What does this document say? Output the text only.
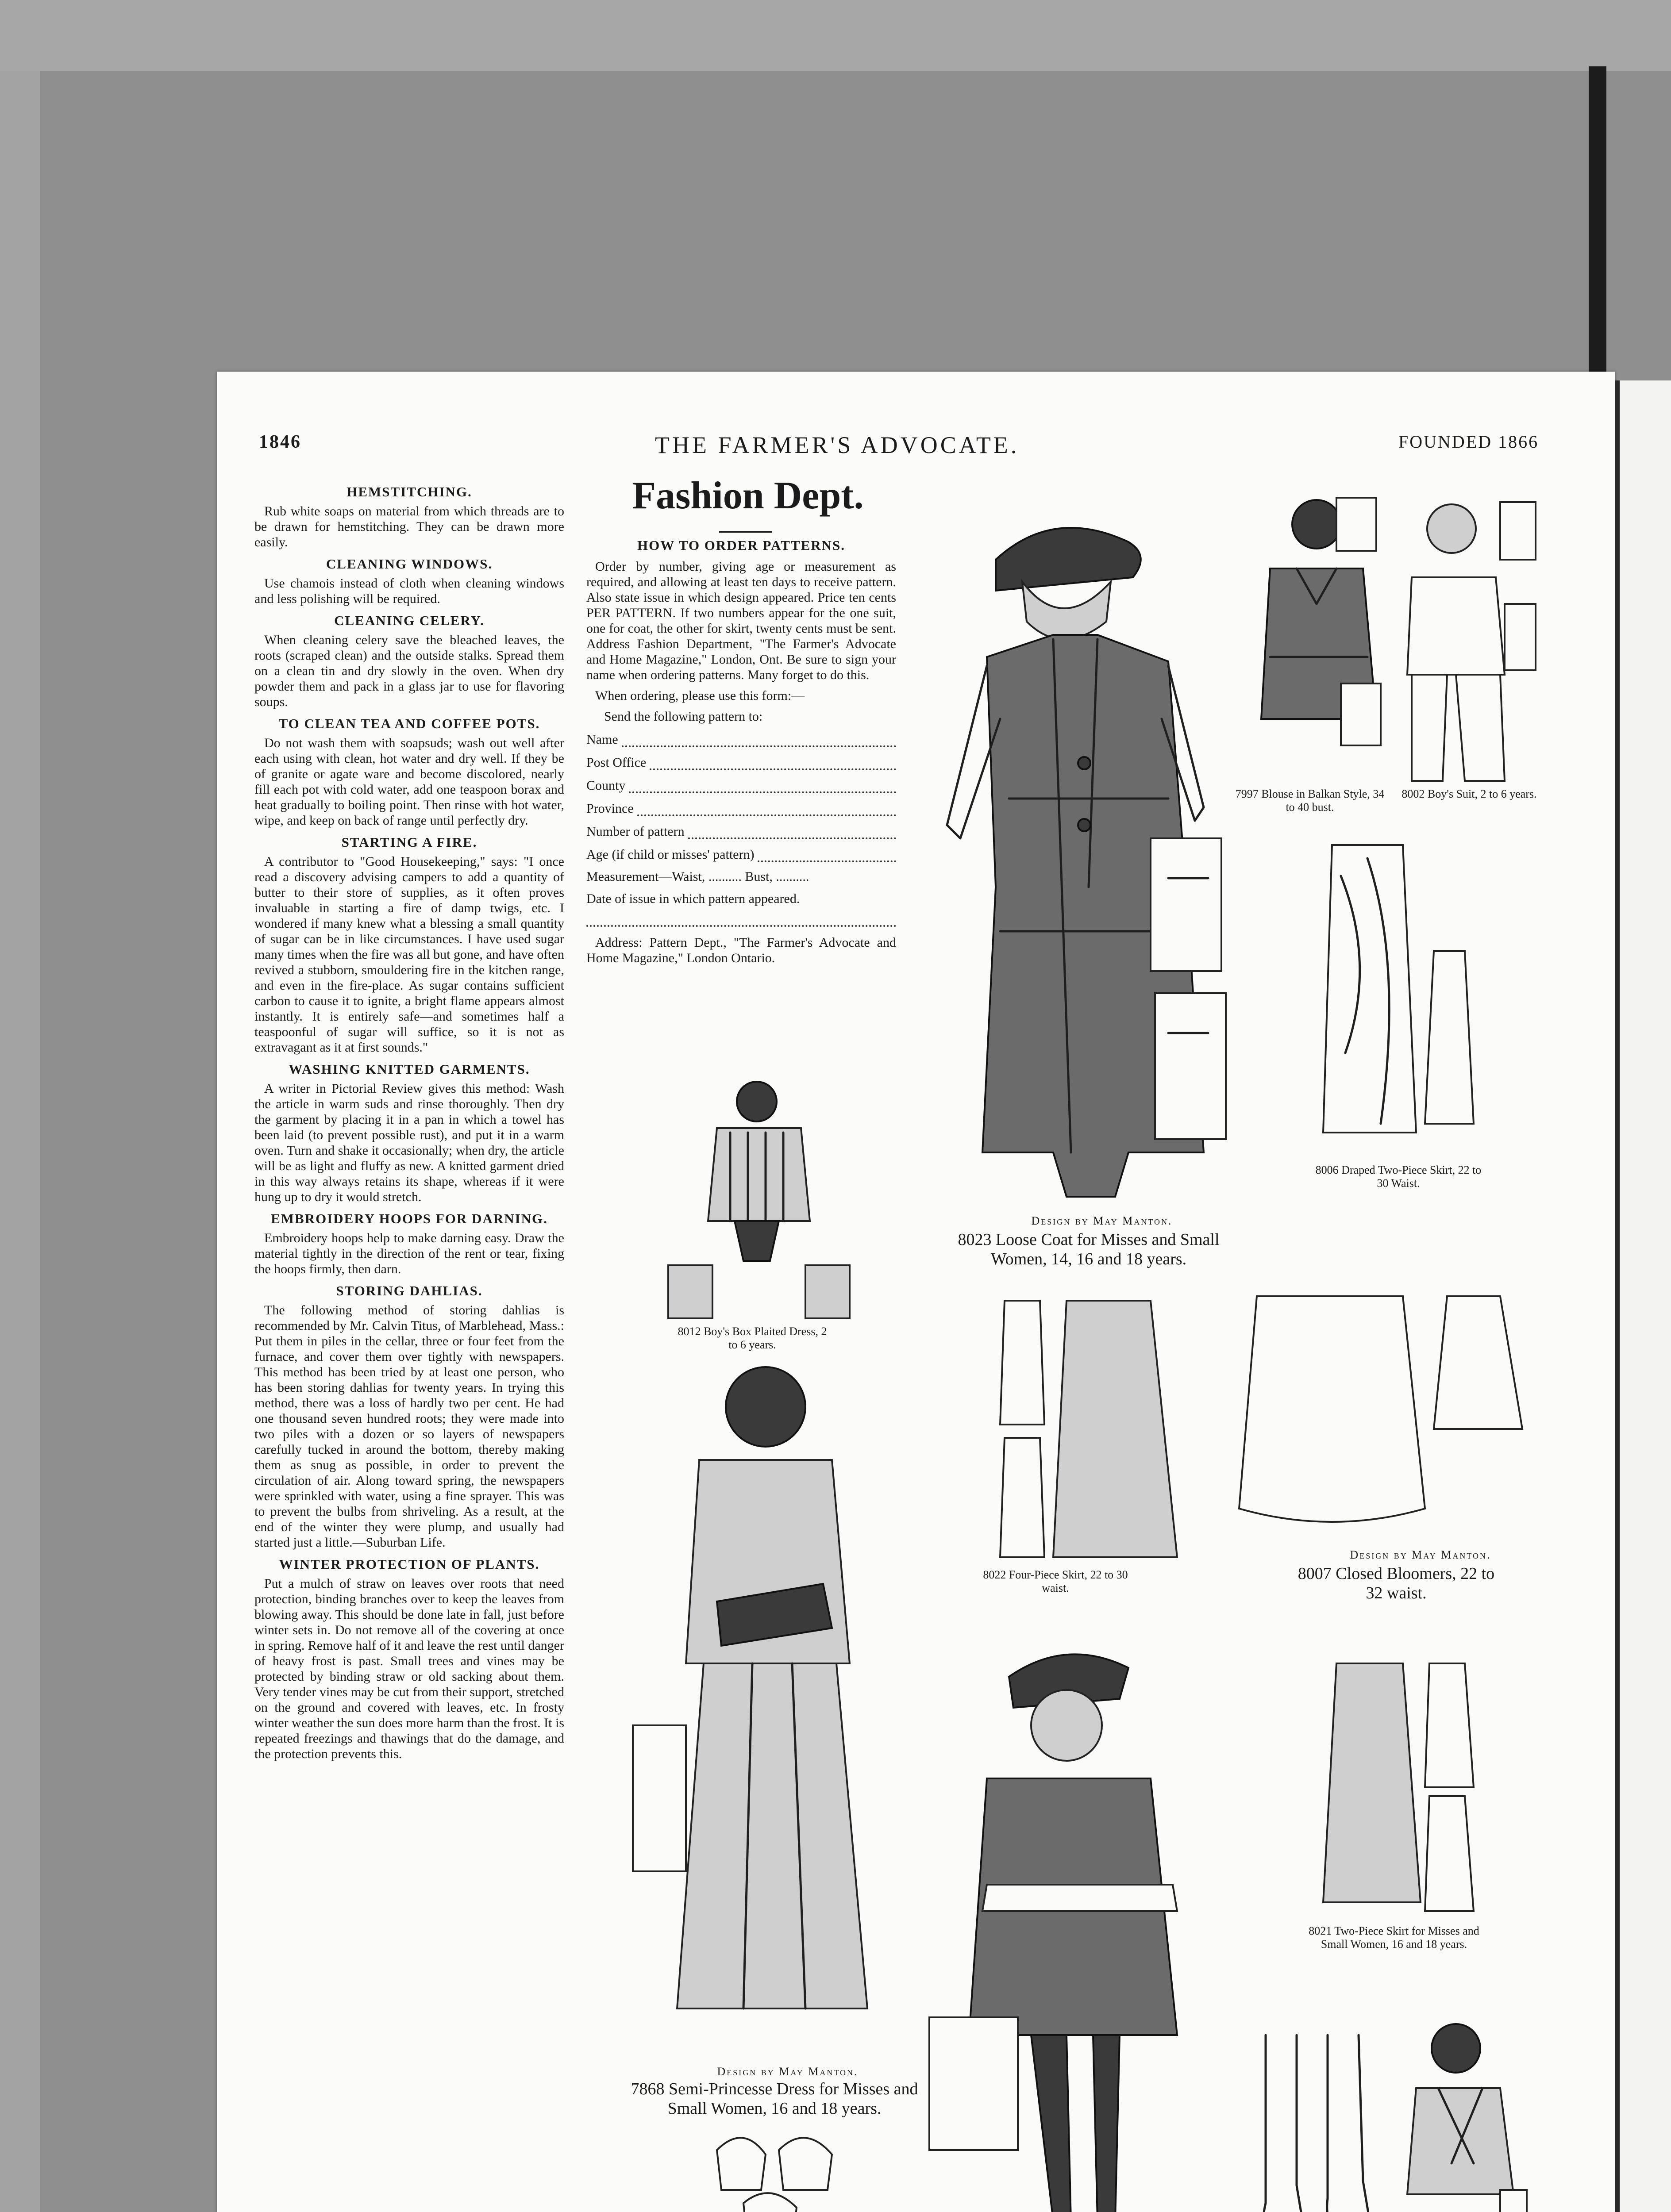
1846	THE FARMER'S ADVOCATE.	FOUNDED 1866
HEMSTITCHING.

Rub white soaps on material from which threads are to be drawn for hemstitching. They can be drawn more easily.

CLEANING WINDOWS.

Use chamois instead of cloth when cleaning windows and less polishing will be required.

CLEANING CELERY.

When cleaning celery save the bleached leaves, the roots (scraped clean) and the outside stalks. Spread them on a clean tin and dry slowly in the oven. When dry powder them and pack in a glass jar to use for flavoring soups.

TO CLEAN TEA AND COFFEE POTS.

Do not wash them with soapsuds; wash out well after each using with clean, hot water and dry well. If they be of granite or agate ware and become discolored, nearly fill each pot with cold water, add one teaspoon borax and heat gradually to boiling point. Then rinse with hot water, wipe, and keep on back of range until perfectly dry.

STARTING A FIRE.

A contributor to "Good Housekeeping," says: "I once read a discovery advising campers to add a quantity of butter to their store of supplies, as it often proves invaluable in starting a fire of damp twigs, etc. I wondered if many knew what a blessing a small quantity of sugar can be in like circumstances. I have used sugar many times when the fire was all but gone, and have often revived a stubborn, smouldering fire in the kitchen range, and even in the fire-place. As sugar contains sufficient carbon to cause it to ignite, a bright flame appears almost instantly. It is entirely safe—and sometimes half a teaspoonful of sugar will suffice, so it is not as extravagant as it at first sounds."

WASHING KNITTED GARMENTS.

A writer in Pictorial Review gives this method: Wash the article in warm suds and rinse thoroughly. Then dry the garment by placing it in a pan in which a towel has been laid (to prevent possible rust), and put it in a warm oven. Turn and shake it occasionally; when dry, the article will be as light and fluffy as new. A knitted garment dried in this way always retains its shape, whereas if it were hung up to dry it would stretch.

EMBROIDERY HOOPS FOR DARNING.

Embroidery hoops help to make darning easy. Draw the material tightly in the direction of the rent or tear, fixing the hoops firmly, then darn.

STORING DAHLIAS.

The following method of storing dahlias is recommended by Mr. Calvin Titus, of Marblehead, Mass.: Put them in piles in the cellar, three or four feet from the furnace, and cover them over tightly with newspapers. This method has been tried by at least one person, who has been storing dahlias for twenty years. In trying this method, there was a loss of hardly two per cent. He had one thousand seven hundred roots; they were made into two piles with a dozen or so layers of newspapers carefully tucked in around the bottom, thereby making them as snug as possible, in order to prevent the circulation of air. Along toward spring, the newspapers were sprinkled with water, using a fine sprayer. This was to prevent the bulbs from shriveling. As a result, at the end of the winter they were plump, and usually had started just a little.—Suburban Life.

WINTER PROTECTION OF PLANTS.

Put a mulch of straw on leaves over roots that need protection, binding branches over to keep the leaves from blowing away. This should be done late in fall, just before winter sets in. Do not remove all of the covering at once in spring. Remove half of it and leave the rest until danger of heavy frost is past. Small trees and vines may be protected by binding straw or old sacking about them. Very tender vines may be cut from their support, stretched on the ground and covered with leaves, etc. In frosty winter weather the sun does more harm than the frost. It is repeated freezings and thawings that do the damage, and the protection prevents this.

Fashion Dept.
HOW TO ORDER PATTERNS.

Order by number, giving age or measurement as required, and allowing at least ten days to receive pattern. Also state issue in which design appeared. Price ten cents PER PATTERN. If two numbers appear for the one suit, one for coat, the other for skirt, twenty cents must be sent. Address Fashion Department, "The Farmer's Advocate and Home Magazine," London, Ont. Be sure to sign your name when ordering patterns. Many forget to do this.

When ordering, please use this form:—

Send the following pattern to:

Name
Post Office
County
Province
Number of pattern
Age (if child or misses' pattern)
Measurement—Waist, .......... Bust, ..........
Date of issue in which pattern appeared.

Address: Pattern Dept., "The Farmer's Advocate and Home Magazine," London Ontario.

Design by May Manton.
8023 Loose Coat for Misses and Small Women, 14, 16 and 18 years.
7997 Blouse in Balkan Style, 34 to 40 bust.
8002 Boy's Suit, 2 to 6 years.
8006 Draped Two-Piece Skirt, 22 to 30 Waist.
8012 Boy's Box Plaited Dress, 2 to 6 years.
Design by May Manton.
7868 Semi-Princesse Dress for Misses and Small Women, 16 and 18 years.
8022 Four-Piece Skirt, 22 to 30 waist.
Design by May Manton.
8007 Closed Bloomers, 22 to 32 waist.
8021 Two-Piece Skirt for Misses and Small Women, 16 and 18 years.
